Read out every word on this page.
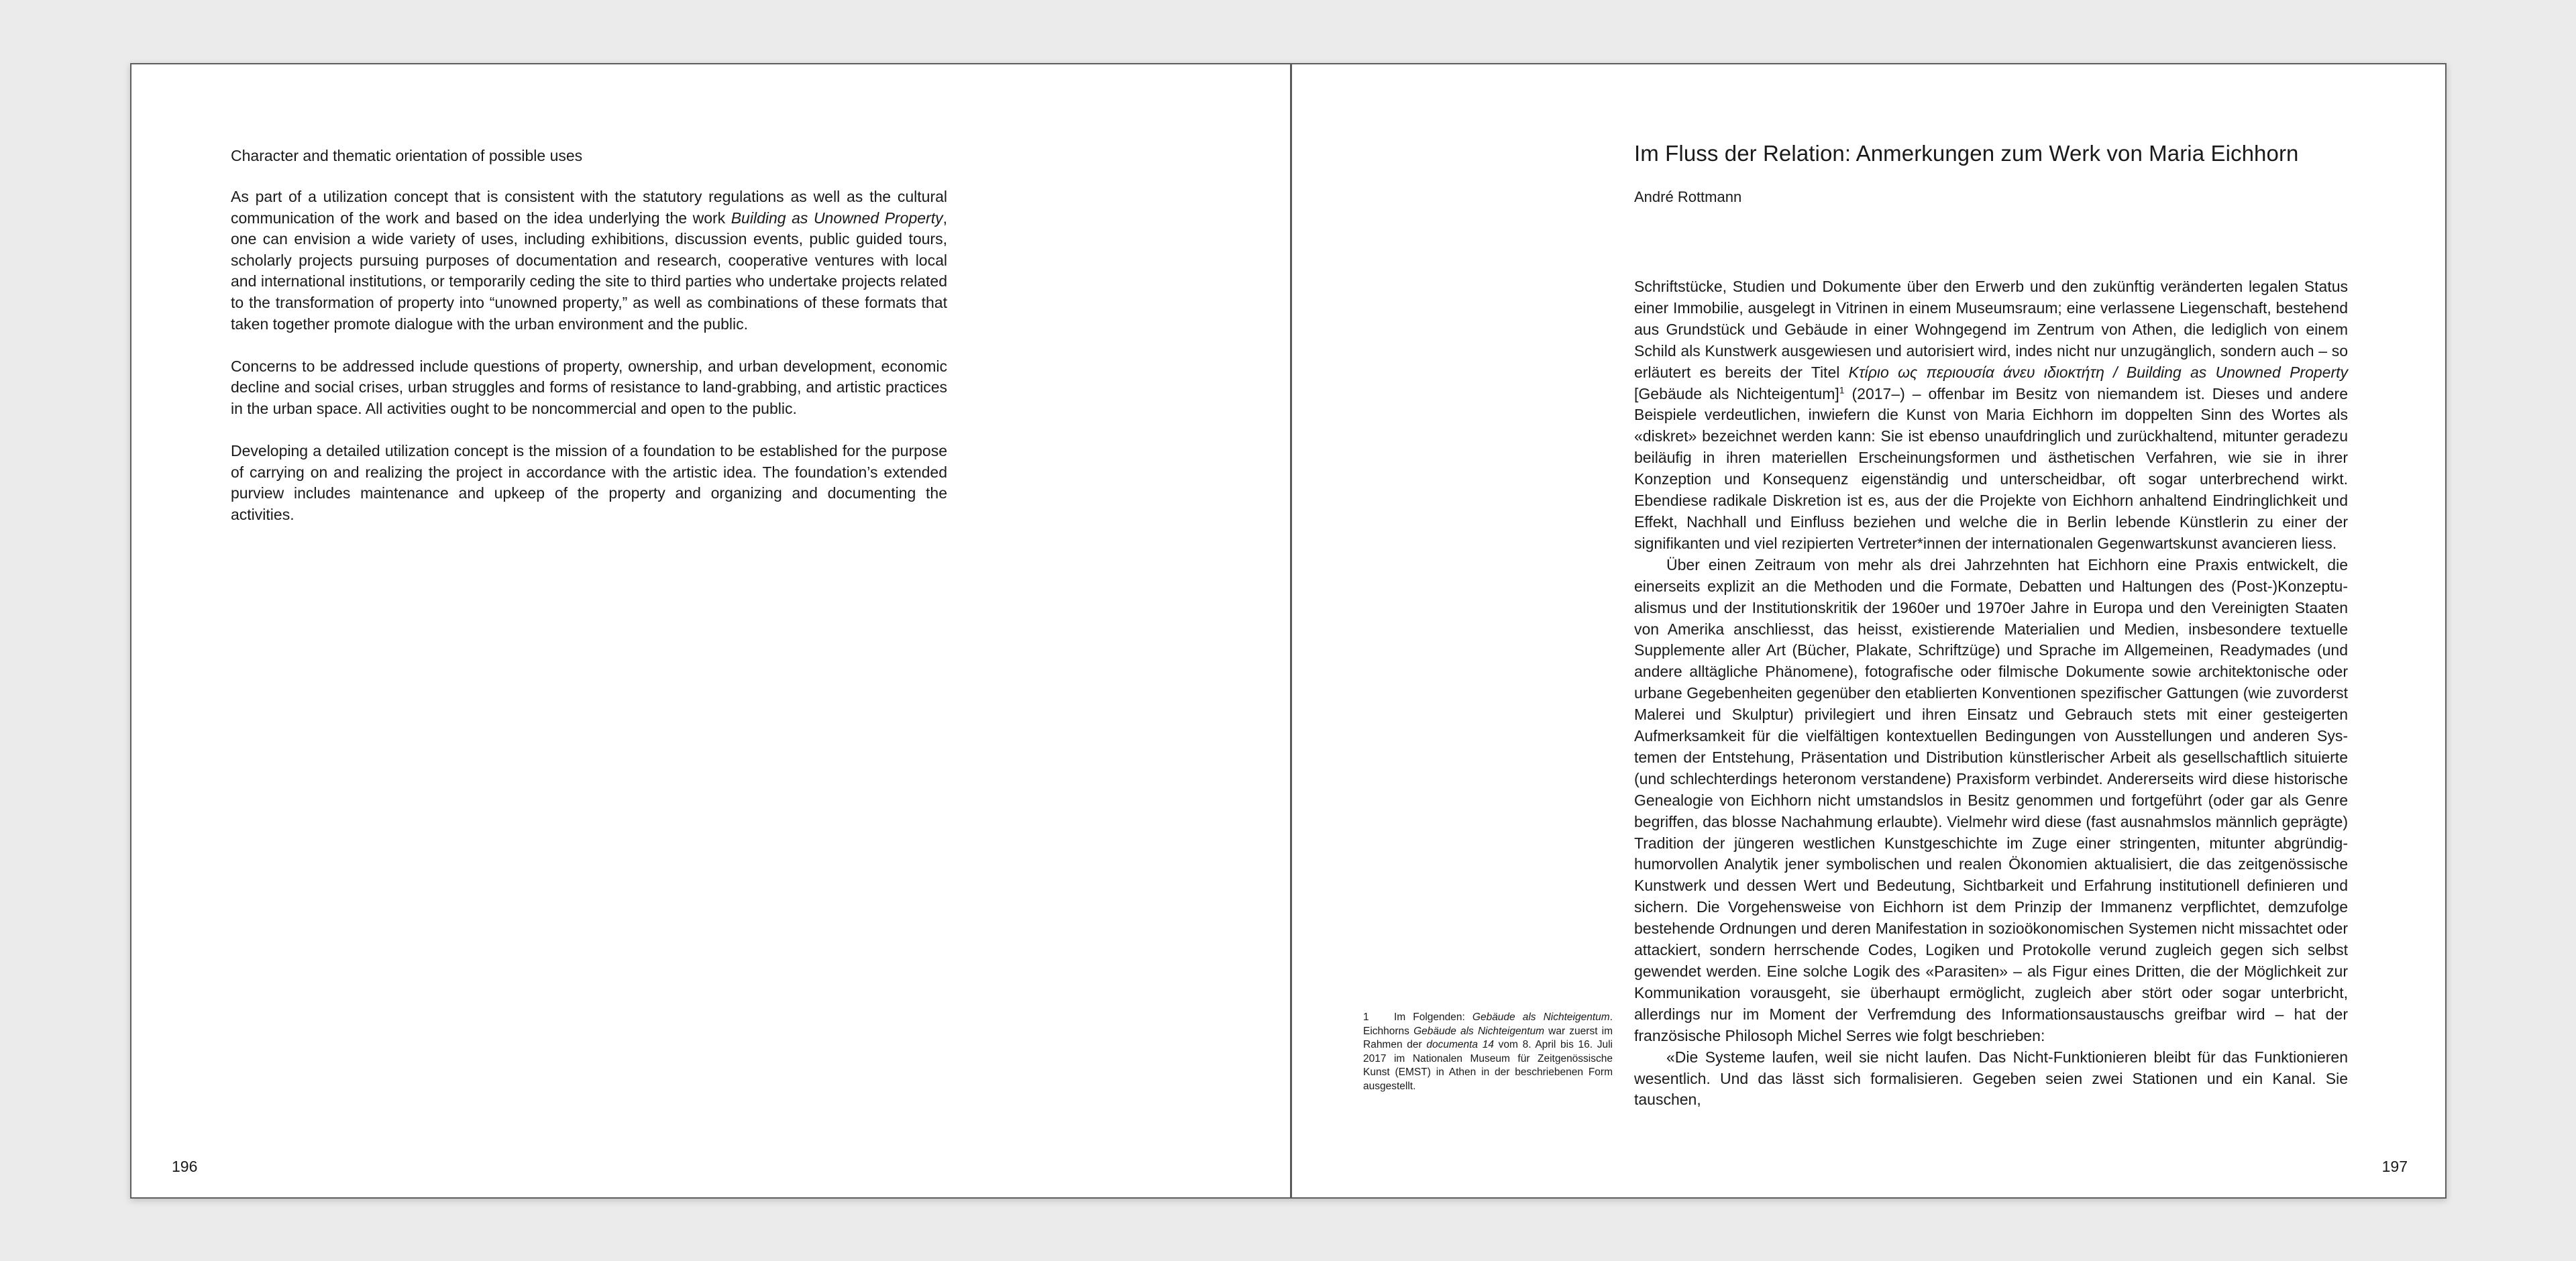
Character and thematic orientation of possible uses

As part of a utilization concept that is consistent with the statutory regulations as well as the cultural communication of the work and based on the idea underlying the work Building as Unowned Property, one can envision a wide variety of uses, including exhibitions, discussion events, public guided tours, scholarly projects pursuing purposes of documentation and research, cooperative ventures with local and international institutions, or temporarily ceding the site to third parties who undertake projects related to the transformation of property into “unowned property,” as well as combinations of these formats that taken together promote dialogue with the urban environment and the public.

Concerns to be addressed include questions of property, ownership, and urban development, economic decline and social crises, urban struggles and forms of resistance to land-grabbing, and artistic practices in the urban space. All activities ought to be noncommercial and open to the public.

Developing a detailed utilization concept is the mission of a foundation to be established for the purpose of carrying on and realizing the project in accordance with the artistic idea. The foundation’s extended purview includes maintenance and upkeep of the property and organizing and documenting the activities.

196
Im Fluss der Relation: Anmerkungen zum Werk von Maria Eichhorn
André Rottmann

Schriftstücke, Studien und Dokumente über den Erwerb und den zukünftig veränderten legalen Status einer Immobilie, ausgelegt in Vitrinen in einem Museumsraum; eine verlassene Liegenschaft, bestehend aus Grundstück und Gebäude in einer Wohngegend im Zentrum von Athen, die lediglich von einem Schild als Kunstwerk ausgewiesen und autorisiert wird, indes nicht nur unzugänglich, sondern auch – so erläutert es bereits der Titel Κτίριο ως περιουσία άνευ ιδιοκτήτη / Building as Unowned Property [Gebäude als Nichteigentum]$^1$ (2017–) – offenbar im Besitz von niemandem ist. Dieses und andere Beispiele verdeutlichen, inwiefern die Kunst von Maria Eichhorn im doppelten Sinn des Wortes als «diskret» bezeichnet werden kann: Sie ist ebenso unaufdringlich und zurückhaltend, mitunter geradezu beiläufig in ihren materiellen Erscheinungsformen und ästhetischen Verfahren, wie sie in ihrer Konzeption und Konsequenz eigenständig und unterscheidbar, oft sogar unterbrechend wirkt. Ebendiese radikale Diskretion ist es, aus der die Projekte von Eichhorn anhaltend Eindringlichkeit und Effekt, Nachhall und Einfluss beziehen und welche die in Berlin lebende Künstlerin zu einer der signifikanten und viel rezipierten Vertreter*innen der internationalen Gegenwartskunst avancieren liess.

Über einen Zeitraum von mehr als drei Jahrzehnten hat Eichhorn eine Praxis entwickelt, die einerseits explizit an die Methoden und die Formate, Debatten und Haltungen des (Post-)Konzeptualismus und der Institutionskritik der 1960er und 1970er Jahre in Europa und den Vereinigten Staaten von Amerika anschliesst, das heisst, existierende Materialien und Medien, insbesondere textuelle Supplemente aller Art (Bücher, Plakate, Schriftzüge) und Sprache im Allgemeinen, Readymades (und andere alltägliche Phänomene), fotografische oder filmische Dokumente sowie architektonische oder urbane Gegebenheiten gegenüber den etablierten Konventionen spezifischer Gattungen (wie zuvorderst Malerei und Skulptur) privilegiert und ihren Einsatz und Gebrauch stets mit einer gesteigerten Aufmerksamkeit für die vielfältigen kontextuellen Bedingungen von Ausstellungen und anderen Systemen der Entstehung, Präsentation und Distribution künstlerischer Arbeit als gesellschaftlich situierte (und schlechterdings heteronom verstandene) Praxisform verbindet. Andererseits wird diese historische Genealogie von Eichhorn nicht umstandslos in Besitz genommen und fortgeführt (oder gar als Genre begriffen, das blosse Nachahmung erlaubte). Vielmehr wird diese (fast ausnahmslos männlich geprägte) Tradition der jüngeren westlichen Kunstgeschichte im Zuge einer stringenten, mitunter abgründig-humorvollen Analytik jener symbolischen und realen Ökonomien aktualisiert, die das zeitgenössische Kunstwerk und dessen Wert und Bedeutung, Sichtbarkeit und Erfahrung institutionell definieren und sichern. Die Vorgehensweise von Eichhorn ist dem Prinzip der Immanenz verpflichtet, demzufolge bestehende Ordnungen und deren Manifestation in sozioökonomischen Systemen nicht missachtet oder attackiert, sondern herrschende Codes, Logiken und Protokolle verund zugleich gegen sich selbst gewendet werden. Eine solche Logik des «Parasiten» – als Figur eines Dritten, die der Möglichkeit zur Kommunikation vorausgeht, sie überhaupt ermöglicht, zugleich aber stört oder sogar unterbricht, allerdings nur im Moment der Verfremdung des Informationsaustauschs greifbar wird – hat der französische Philosoph Michel Serres wie folgt beschrieben:

«Die Systeme laufen, weil sie nicht laufen. Das Nicht-Funktionieren bleibt für das Funktionieren wesentlich. Und das lässt sich formalisieren. Gegeben seien zwei Stationen und ein Kanal. Sie tauschen,

1 Im Folgenden: Gebäude als Nichteigentum. Eichhorns Gebäude als Nichteigentum war zuerst im Rahmen der documenta 14 vom 8. April bis 16. Juli 2017 im Nationalen Museum für Zeitgenössische Kunst (EMST) in Athen in der beschriebenen Form ausgestellt.
197
